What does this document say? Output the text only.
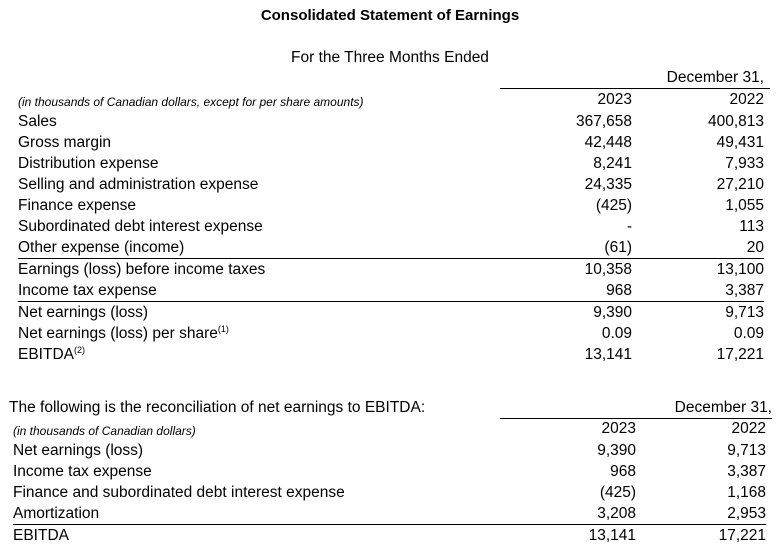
Consolidated Statement of Earnings
For the Three Months Ended
December 31,
(in thousands of Canadian dollars, except for per share amounts)	2023	2022
Sales	367,658	400,813
Gross margin	42,448	49,431
Distribution expense	8,241	7,933
Selling and administration expense	24,335	27,210
Finance expense	(425)	1,055
Subordinated debt interest expense	-	113
Other expense (income)	(61)	20
Earnings (loss) before income taxes	10,358	13,100
Income tax expense	968	3,387
Net earnings (loss)	9,390	9,713
Net earnings (loss) per share$^{(1)}$	0.09	0.09
EBITDA$^{(2)}$	13,141	17,221
The following is the reconciliation of net earnings to EBITDA:	December 31,
(in thousands of Canadian dollars)	2023	2022
Net earnings (loss)	9,390	9,713
Income tax expense	968	3,387
Finance and subordinated debt interest expense	(425)	1,168
Amortization	3,208	2,953
EBITDA	13,141	17,221
